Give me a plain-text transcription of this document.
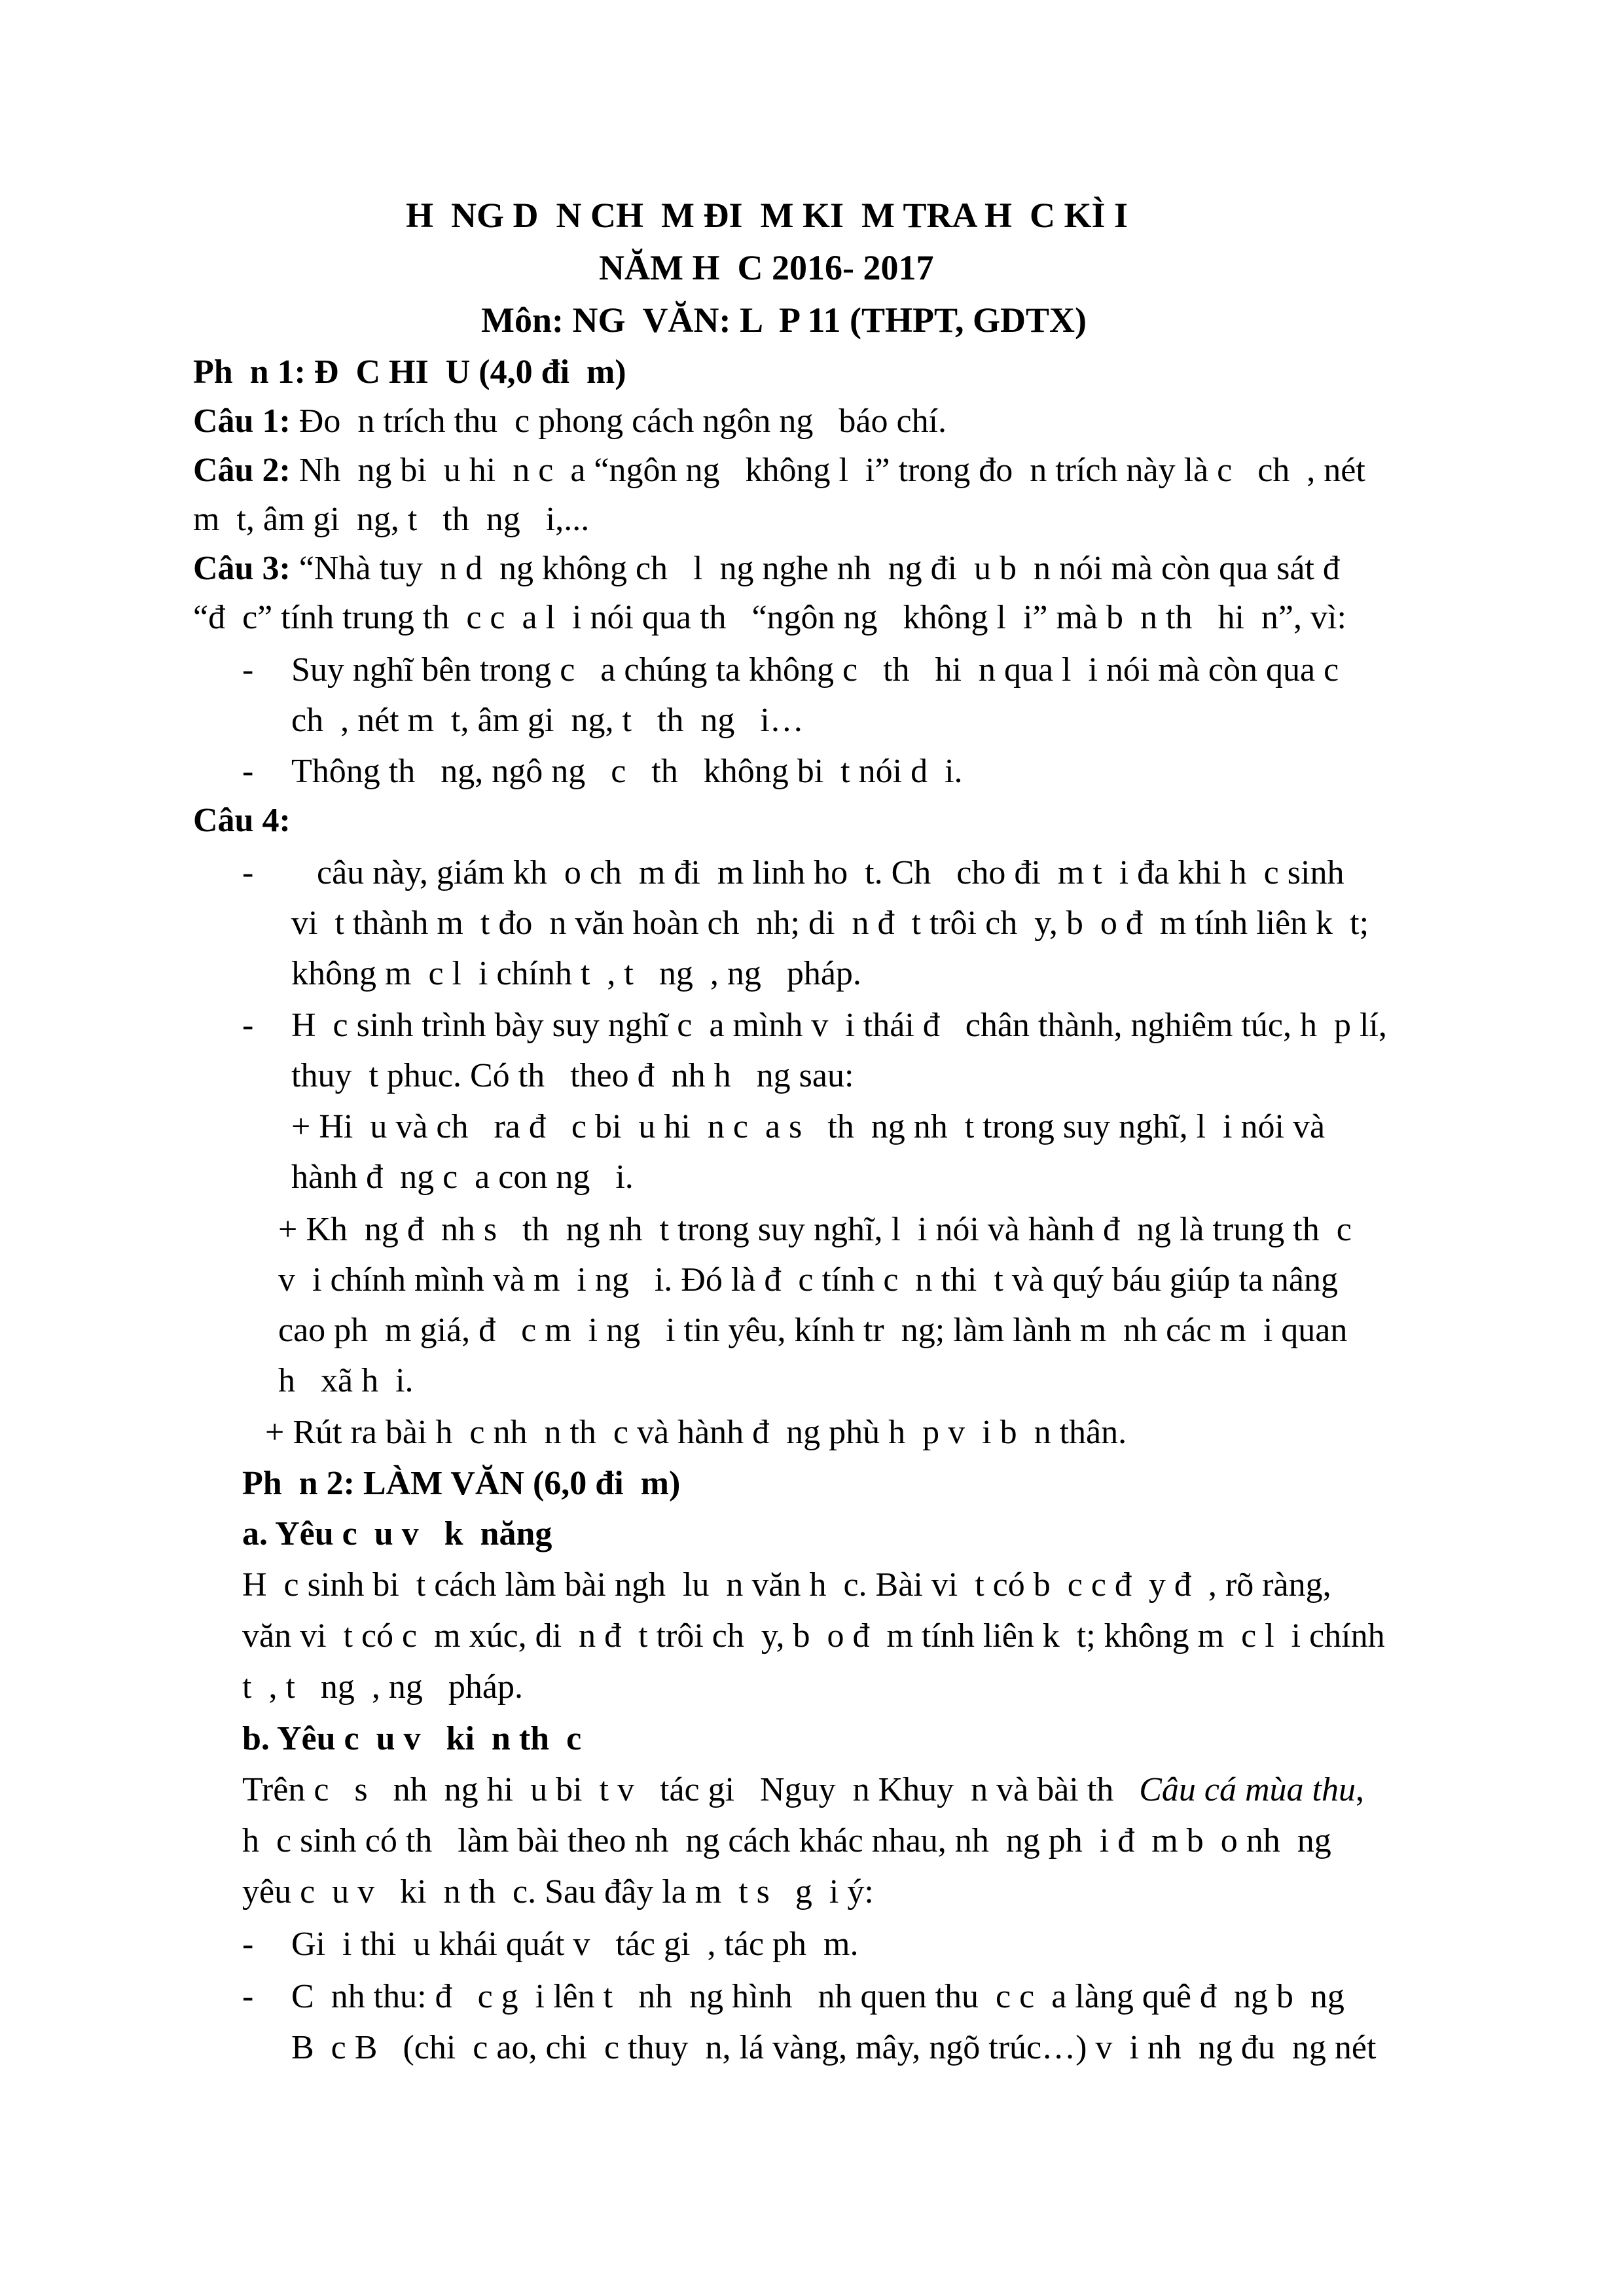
H  NG D  N CH  M ĐI  M KI  M TRA H  C KÌ I
NĂM H  C 2016- 2017
Môn: NG  VĂN: L  P 11 (THPT, GDTX)
Ph  n 1: Đ  C HI  U (4,0 đi  m)
Câu 1: Đo  n trích thu  c phong cách ngôn ng   báo chí.
Câu 2: Nh  ng bi  u hi  n c  a “ngôn ng   không l  i” trong đo  n trích này là c   ch  , nét
m  t, âm gi  ng, t   th  ng   i,...
Câu 3: “Nhà tuy  n d  ng không ch   l  ng nghe nh  ng đi  u b  n nói mà còn qua sát đ
“đ  c” tính trung th  c c  a l  i nói qua th   “ngôn ng   không l  i” mà b  n th   hi  n”, vì:
- Suy nghĩ bên trong c   a chúng ta không c   th   hi  n qua l  i nói mà còn qua c
ch  , nét m  t, âm gi  ng, t   th  ng   i…
- Thông th   ng, ngô ng   c   th   không bi  t nói d  i.
Câu 4:
- câu này, giám kh  o ch  m đi  m linh ho  t. Ch   cho đi  m t  i đa khi h  c sinh
vi  t thành m  t đo  n văn hoàn ch  nh; di  n đ  t trôi ch  y, b  o đ  m tính liên k  t;
không m  c l  i chính t  , t   ng  , ng   pháp.
- H  c sinh trình bày suy nghĩ c  a mình v  i thái đ   chân thành, nghiêm túc, h  p lí,
thuy  t phuc. Có th   theo đ  nh h   ng sau:
+ Hi  u và ch   ra đ   c bi  u hi  n c  a s   th  ng nh  t trong suy nghĩ, l  i nói và
hành đ  ng c  a con ng   i.
+ Kh  ng đ  nh s   th  ng nh  t trong suy nghĩ, l  i nói và hành đ  ng là trung th  c
v  i chính mình và m  i ng   i. Đó là đ  c tính c  n thi  t và quý báu giúp ta nâng
cao ph  m giá, đ   c m  i ng   i tin yêu, kính tr  ng; làm lành m  nh các m  i quan
h   xã h  i.
+ Rút ra bài h  c nh  n th  c và hành đ  ng phù h  p v  i b  n thân.
Ph  n 2: LÀM VĂN (6,0 đi  m)
a. Yêu c  u v   k  năng
H  c sinh bi  t cách làm bài ngh  lu  n văn h  c. Bài vi  t có b  c c đ  y đ  , rõ ràng,
văn vi  t có c  m xúc, di  n đ  t trôi ch  y, b  o đ  m tính liên k  t; không m  c l  i chính
t  , t   ng  , ng   pháp.
b. Yêu c  u v   ki  n th  c
Trên c   s   nh  ng hi  u bi  t v   tác gi   Nguy  n Khuy  n và bài th   Câu cá mùa thu,
h  c sinh có th   làm bài theo nh  ng cách khác nhau, nh  ng ph  i đ  m b  o nh  ng
yêu c  u v   ki  n th  c. Sau đây la m  t s   g  i ý:
- Gi  i thi  u khái quát v   tác gi  , tác ph  m.
- C  nh thu: đ   c g  i lên t   nh  ng hình   nh quen thu  c c  a làng quê đ  ng b  ng
B  c B   (chi  c ao, chi  c thuy  n, lá vàng, mây, ngõ trúc…) v  i nh  ng đu  ng nét
